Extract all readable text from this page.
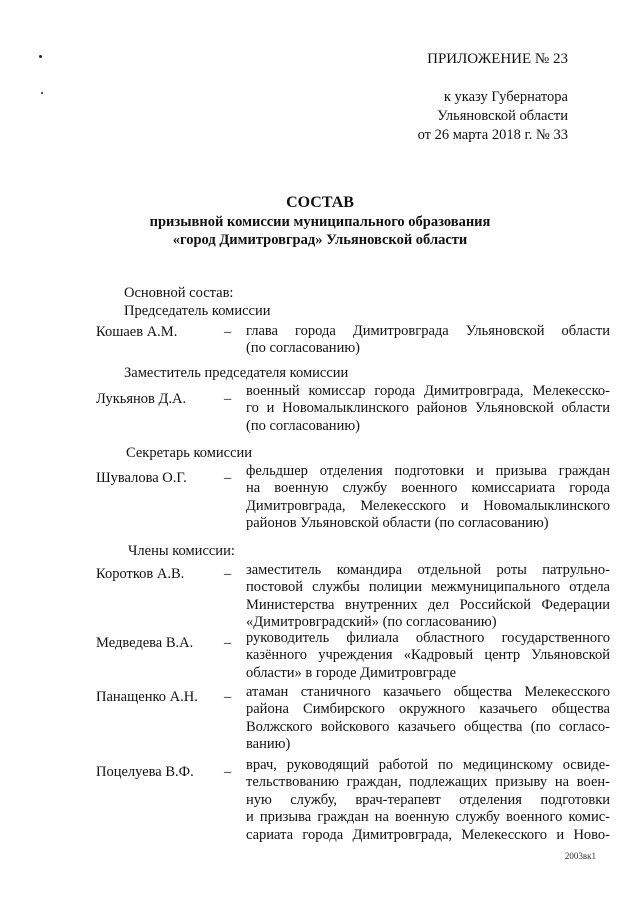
ПРИЛОЖЕНИЕ № 23
к указу Губернатора
Ульяновской области
от 26 марта 2018 г. № 33
СОСТАВ
призывной комиссии муниципального образования
«город Димитровград» Ульяновской области
Основной состав:
Председатель комиссии
Заместитель председателя комиссии
Секретарь комиссии
Члены комиссии:
Кошаев А.М.	– глава города Димитровграда Ульяновской области
(по согласованию)
Лукьянов Д.А.	– военный комиссар города Димитровграда, Мелекесско-
го и Новомалыклинского районов Ульяновской области
(по согласованию)
Шувалова О.Г.	– фельдшер отделения подготовки и призыва граждан
на военную службу военного комиссариата города
Димитровграда, Мелекесского и Новомалыклинского
районов Ульяновской области (по согласованию)
Коротков А.В.	– заместитель командира отдельной роты патрульно-
постовой службы полиции межмуниципального отдела
Министерства внутренних дел Российской Федерации
«Димитровградский» (по согласованию)
Медведева В.А. – руководитель филиала областного государственного
казённого учреждения «Кадровый центр Ульяновской
области» в городе Димитровграде
Панащенко А.Н. – атаман станичного казачьего общества Мелекесского
района Симбирского окружного казачьего общества
Волжского войскового казачьего общества (по согласо-
ванию)
Поцелуева В.Ф. – врач, руководящий работой по медицинскому освиде-
тельствованию граждан, подлежащих призыву на воен-
ную службу, врач-терапевт отделения подготовки
и призыва граждан на военную службу военного комис-
сариата города Димитровграда, Мелекесского и Ново-
2003вк1
